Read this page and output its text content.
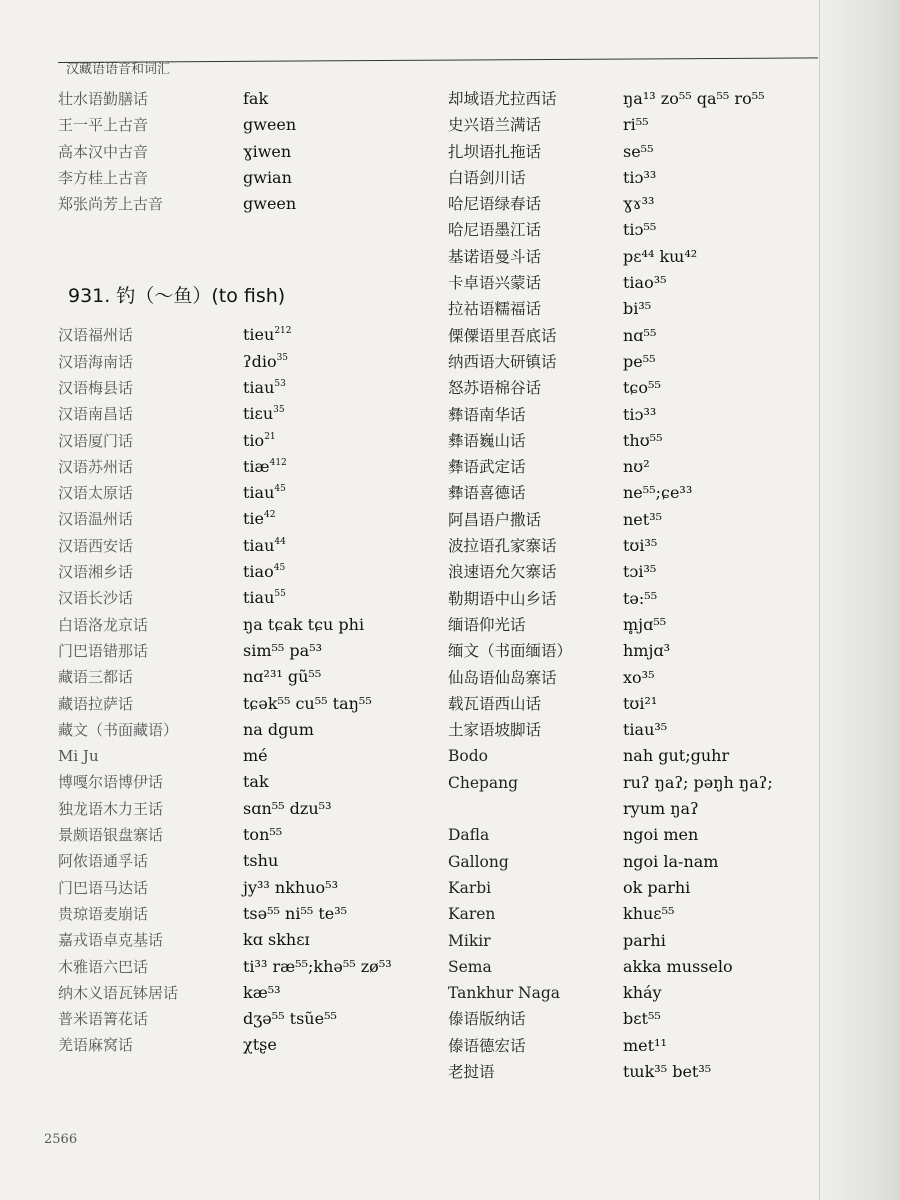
汉藏语语音和词汇
壮水语勤膳话	fak
王一平上古音	gween
高本汉中古音	ɣiwen
李方桂上古音	gwian
郑张尚芳上古音	gween
931. 钓（～鱼）(to fish)
汉语福州话	tieu$^{212}$
汉语海南话	ʔdio$^{35}$
汉语梅县话	tiau$^{53}$
汉语南昌话	tiɛu$^{35}$
汉语厦门话	tio$^{21}$
汉语苏州话	tiæ$^{412}$
汉语太原话	tiau$^{45}$
汉语温州话	tie$^{42}$
汉语西安话	tiau$^{44}$
汉语湘乡话	tiao$^{45}$
汉语长沙话	tiau$^{55}$
白语洛龙京话	ŋa tɕak tɕu phi
门巴语错那话	sim⁵⁵ pa⁵³
藏语三都话	nɑ²³¹ gũ⁵⁵
藏语拉萨话	tɕək⁵⁵ cu⁵⁵ taŋ⁵⁵
藏文（书面藏语）	na dgum
Mi Ju	mé
博嘎尔语博伊话	tak
独龙语木力王话	sɑn⁵⁵ dzu⁵³
景颇语银盘寨话	ton⁵⁵
阿侬语通孚话	tshu
门巴语马达话	jy³³ nkhuo⁵³
贵琼语麦崩话	tsə⁵⁵ ni⁵⁵ te³⁵
嘉戎语卓克基话	kɑ skhɛɪ
木雅语六巴话	ti³³ ræ⁵⁵;khə⁵⁵ zø⁵³
纳木义语瓦钵居话	kæ⁵³
普米语箐花话	dʒə⁵⁵ tsũe⁵⁵
羌语麻窝话	χtʂe
却域语尤拉西话	ŋa¹³ zo⁵⁵ qa⁵⁵ ro⁵⁵
史兴语兰满话	ri⁵⁵
扎坝语扎拖话	se⁵⁵
白语剑川话	tiɔ³³
哈尼语绿春话	ɣɤ³³
哈尼语墨江话	tiɔ⁵⁵
基诺语曼斗话	pɛ⁴⁴ kɯ⁴²
卡卓语兴蒙话	tiao³⁵
拉祜语糯福话	bi³⁵
傈僳语里吾底话	nɑ⁵⁵
纳西语大研镇话	pe⁵⁵
怒苏语棉谷话	tɕo⁵⁵
彝语南华话	tiɔ³³
彝语巍山话	thʊ⁵⁵
彝语武定话	nʊ²
彝语喜德话	ne⁵⁵;ɕe³³
阿昌语户撒话	net³⁵
波拉语孔家寨话	tʊi³⁵
浪速语允欠寨话	tɔi³⁵
勒期语中山乡话	tə:⁵⁵
缅语仰光话	m̥jɑ⁵⁵
缅文（书面缅语）	hmjɑ³
仙岛语仙岛寨话	xo³⁵
载瓦语西山话	tʊi²¹
土家语坡脚话	tiau³⁵
Bodo	nah gut;guhr
Chepang	ruʔ ŋaʔ; pəŋh ŋaʔ;
ryum ŋaʔ
Dafla	ngoi men
Gallong	ngoi la-nam
Karbi	ok parhi
Karen	khuɛ⁵⁵
Mikir	parhi
Sema	akka musselo
Tankhur Naga	kháy
傣语版纳话	bɛt⁵⁵
傣语德宏话	met¹¹
老挝语	tɯk³⁵ bet³⁵
2566
